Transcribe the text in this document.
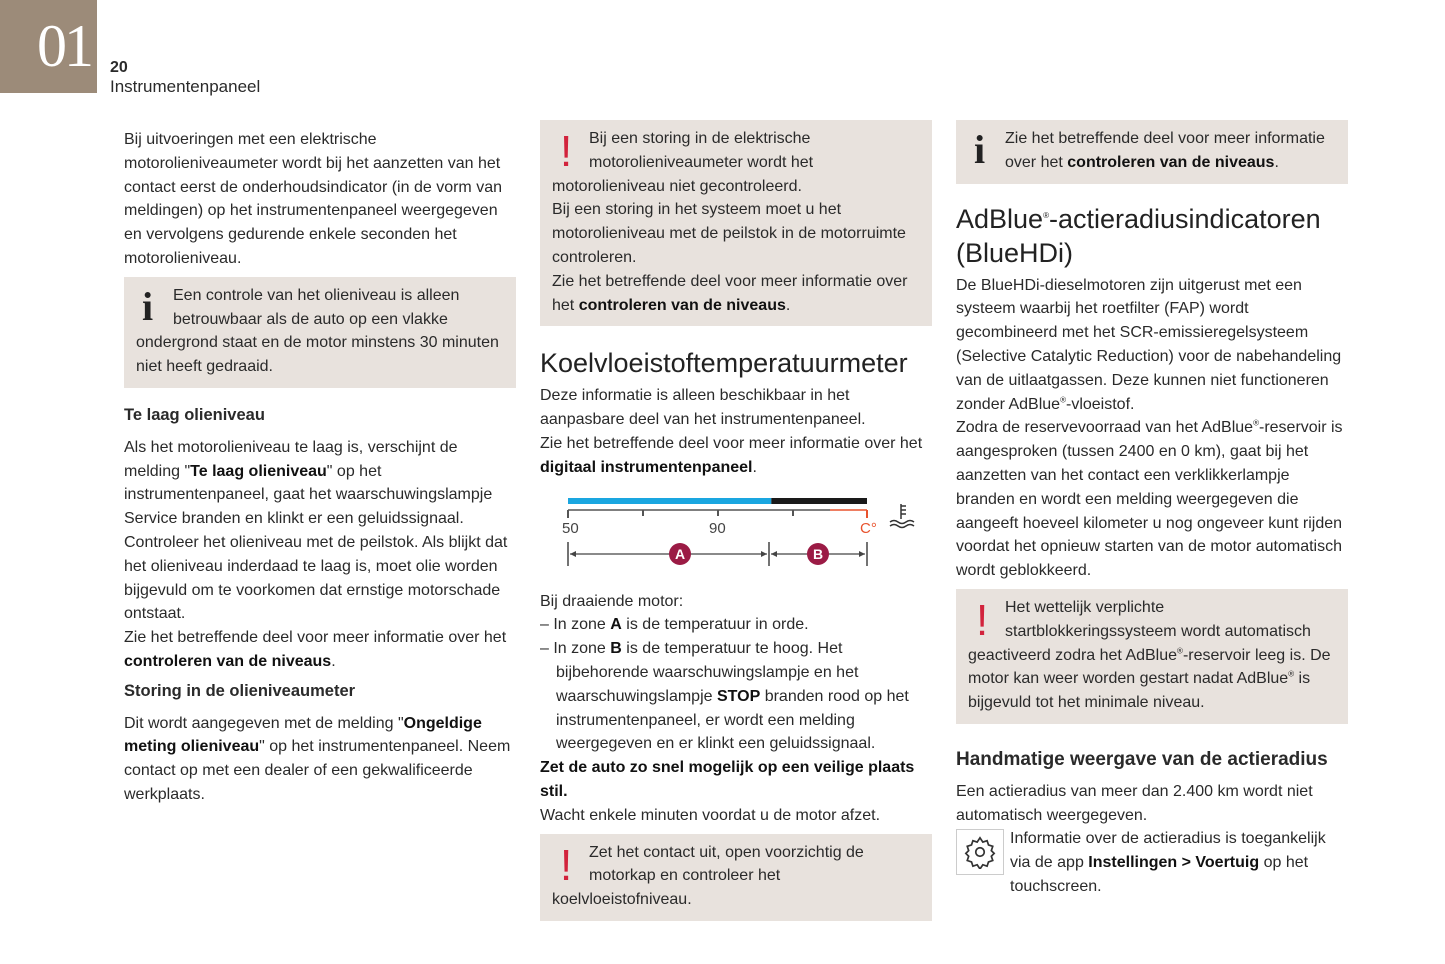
01	20
Instrumentenpaneel

Bij uitvoeringen met een elektrische motorolieniveaumeter wordt bij het aanzetten van het contact eerst de onderhoudsindicator (in de vorm van meldingen) op het instrumentenpaneel weergegeven en vervolgens gedurende enkele seconden het motorolieniveau.

i	Een controle van het olieniveau is alleen betrouwbaar als de auto op een vlakke ondergrond staat en de motor minstens 30 minuten niet heeft gedraaid.

Te laag olieniveau

Als het motorolieniveau te laag is, verschijnt de melding "Te laag olieniveau" op het instrumentenpaneel, gaat het waarschuwingslampje Service branden en klinkt er een geluidssignaal. Controleer het olieniveau met de peilstok. Als blijkt dat het olieniveau inderdaad te laag is, moet olie worden bijgevuld om te voorkomen dat ernstige motorschade ontstaat.

Zie het betreffende deel voor meer informatie over het controleren van de niveaus.

Storing in de olieniveaumeter

Dit wordt aangegeven met de melding "Ongeldige meting olieniveau" op het instrumentenpaneel. Neem contact op met een dealer of een gekwalificeerde werkplaats.

!	Bij een storing in de elektrische motorolieniveaumeter wordt het motorolieniveau niet gecontroleerd.

Bij een storing in het systeem moet u het motorolieniveau met de peilstok in de motorruimte controleren.

Zie het betreffende deel voor meer informatie over het controleren van de niveaus.

Koelvloeistoftemperatuurmeter

Deze informatie is alleen beschikbaar in het aanpasbare deel van het instrumentenpaneel.

Zie het betreffende deel voor meer informatie over het digitaal instrumentenpaneel.

50	90	C°
A	B

Bij draaiende motor:

– In zone A is de temperatuur in orde.

– In zone B is de temperatuur te hoog. Het bijbehorende waarschuwingslampje en het waarschuwingslampje STOP branden rood op het instrumentenpaneel, er wordt een melding weergegeven en er klinkt een geluidssignaal.

Zet de auto zo snel mogelijk op een veilige plaats stil.

Wacht enkele minuten voordat u de motor afzet.

!	Zet het contact uit, open voorzichtig de motorkap en controleer het koelvloeistofniveau.

i	Zie het betreffende deel voor meer informatie over het controleren van de niveaus.

AdBlue®-actieradiusindicatoren (BlueHDi)

De BlueHDi-dieselmotoren zijn uitgerust met een systeem waarbij het roetfilter (FAP) wordt gecombineerd met het SCR-emissieregelsysteem (Selective Catalytic Reduction) voor de nabehandeling van de uitlaatgassen. Deze kunnen niet functioneren zonder AdBlue®-vloeistof.

Zodra de reservevoorraad van het AdBlue®-reservoir is aangesproken (tussen 2400 en 0 km), gaat bij het aanzetten van het contact een verklikkerlampje branden en wordt een melding weergegeven die aangeeft hoeveel kilometer u nog ongeveer kunt rijden voordat het opnieuw starten van de motor automatisch wordt geblokkeerd.

!	Het wettelijk verplichte startblokkeringssysteem wordt automatisch geactiveerd zodra het AdBlue®-reservoir leeg is. De motor kan weer worden gestart nadat AdBlue® is bijgevuld tot het minimale niveau.

Handmatige weergave van de actieradius

Een actieradius van meer dan 2.400 km wordt niet automatisch weergegeven.

Informatie over de actieradius is toegankelijk via de app Instellingen > Voertuig op het touchscreen.
